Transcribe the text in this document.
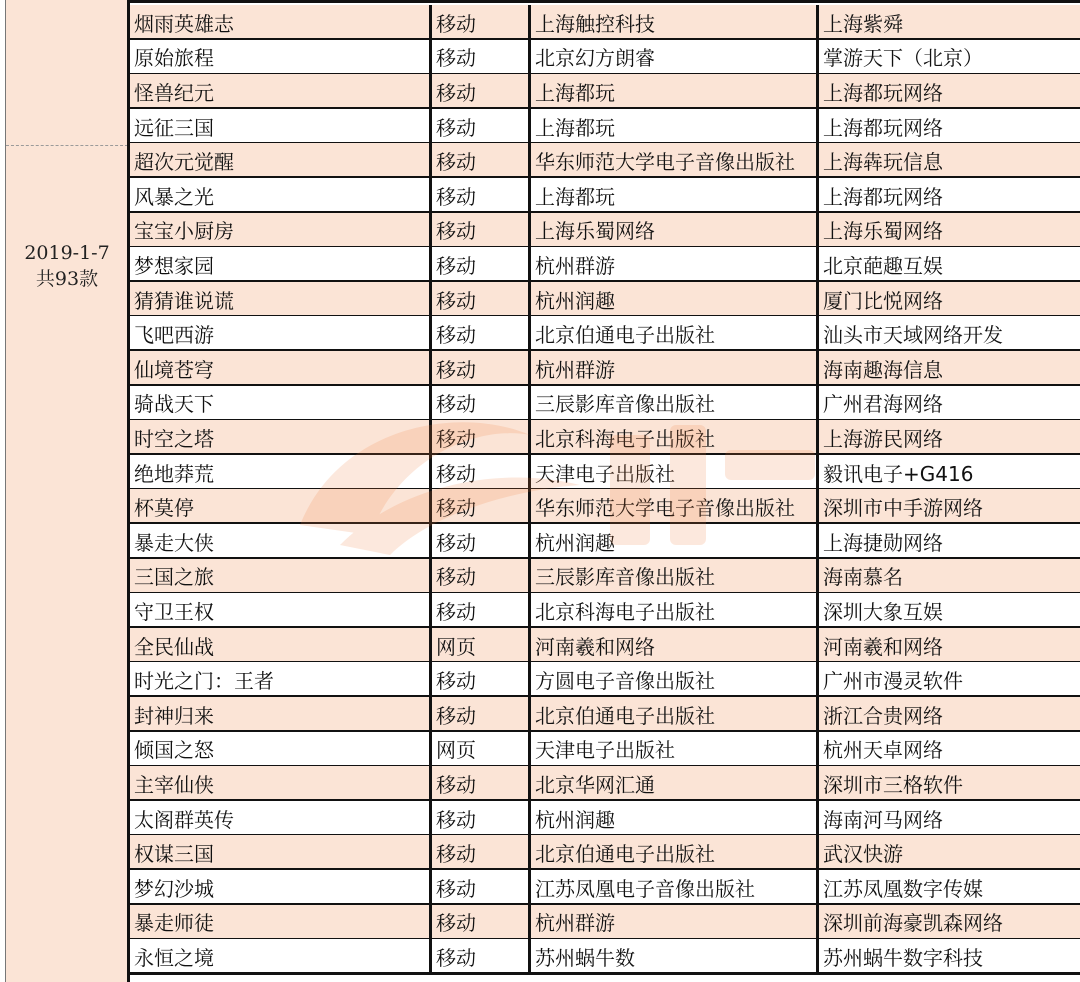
2019-1-7
共93款
烟雨英雄志	移动	上海触控科技	上海紫舜
原始旅程	移动	北京幻方朗睿	掌游天下（北京）
怪兽纪元	移动	上海都玩	上海都玩网络
远征三国	移动	上海都玩	上海都玩网络
超次元觉醒	移动	华东师范大学电子音像出版社	上海犇玩信息
风暴之光	移动	上海都玩	上海都玩网络
宝宝小厨房	移动	上海乐蜀网络	上海乐蜀网络
梦想家园	移动	杭州群游	北京葩趣互娱
猜猜谁说谎	移动	杭州润趣	厦门比悦网络
飞吧西游	移动	北京伯通电子出版社	汕头市天域网络开发
仙境苍穹	移动	杭州群游	海南趣海信息
骑战天下	移动	三辰影库音像出版社	广州君海网络
时空之塔	移动	北京科海电子出版社	上海游民网络
绝地莽荒	移动	天津电子出版社	毅讯电子+G416
杯莫停	移动	华东师范大学电子音像出版社	深圳市中手游网络
暴走大侠	移动	杭州润趣	上海捷勋网络
三国之旅	移动	三辰影库音像出版社	海南慕名
守卫王权	移动	北京科海电子出版社	深圳大象互娱
全民仙战	网页	河南羲和网络	河南羲和网络
时光之门：王者	移动	方圆电子音像出版社	广州市漫灵软件
封神归来	移动	北京伯通电子出版社	浙江合贵网络
倾国之怒	网页	天津电子出版社	杭州天卓网络
主宰仙侠	移动	北京华网汇通	深圳市三格软件
太阁群英传	移动	杭州润趣	海南河马网络
权谋三国	移动	北京伯通电子出版社	武汉快游
梦幻沙城	移动	江苏凤凰电子音像出版社	江苏凤凰数字传媒
暴走师徒	移动	杭州群游	深圳前海豪凯森网络
永恒之境	移动	苏州蜗牛数	苏州蜗牛数字科技
